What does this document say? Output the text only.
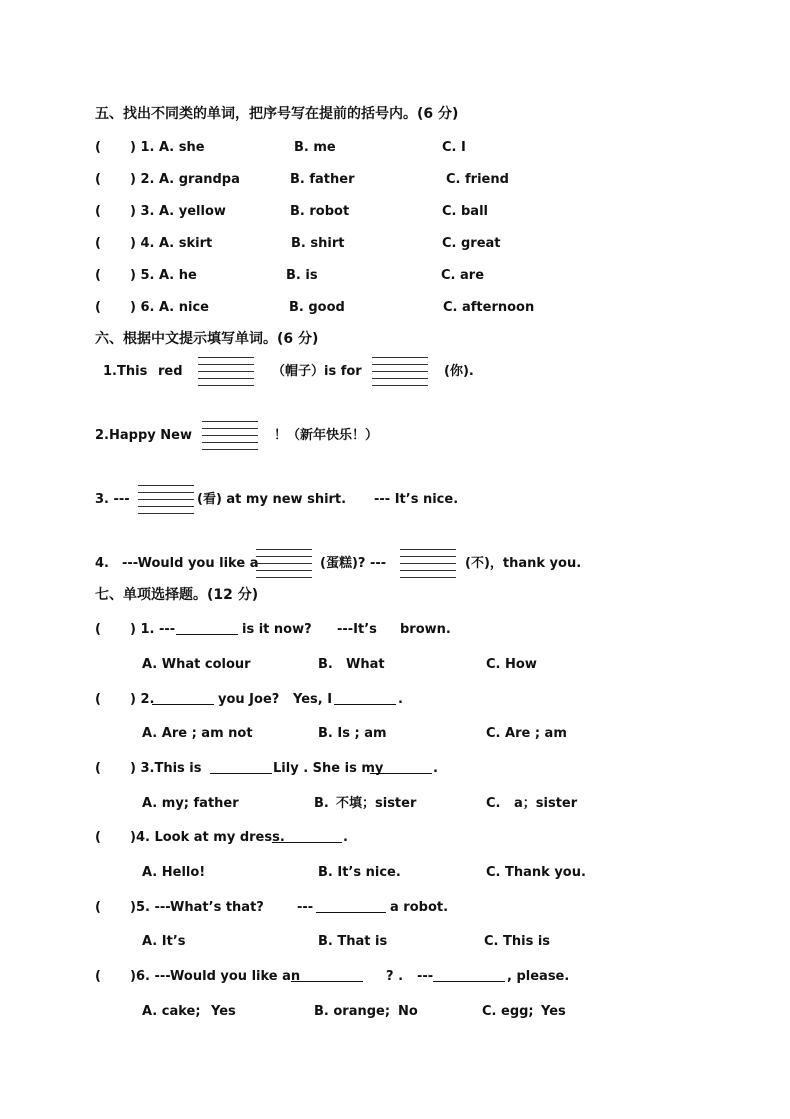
五、找出不同类的单词，把序号写在提前的括号内。(6 分)
( ) 1. A. she	B. me	C. I
( ) 2. A. grandpa	B. father	C. friend
( ) 3. A. yellow	B. robot	C. ball
( ) 4. A. skirt	B. shirt	C. great
( ) 5. A. he	B. is	C. are
( ) 6. A. nice	B. good	C. afternoon
六、根据中文提示填写单词。(6 分)
1.This red	（帽子）is for	(你).
2.Happy New	！（新年快乐！）
3. ---	(看) at my new shirt. --- It’s nice.
4. ---Would you like a	(蛋糕)? ---	(不)，thank you.
七、单项选择题。(12 分)
( ) 1. ---	is it now? ---It’s brown.
A. What colour	B. What	C. How
( ) 2.	you Joe? Yes, I	.
A. Are ; am not	B. Is ; am	C. Are ; am
( ) 3.This is	Lily . She is my	.
A. my; father	B. 不填；sister	C. a；sister
( )4. Look at my dress.	.
A. Hello!	B. It’s nice.	C. Thank you.
( )5. ---What’s that?	---	a robot.
A. It’s	B. That is	C. This is
( )6. ---Would you like an	? . ---	, please.
A. cake; Yes	B. orange; No	C. egg; Yes
